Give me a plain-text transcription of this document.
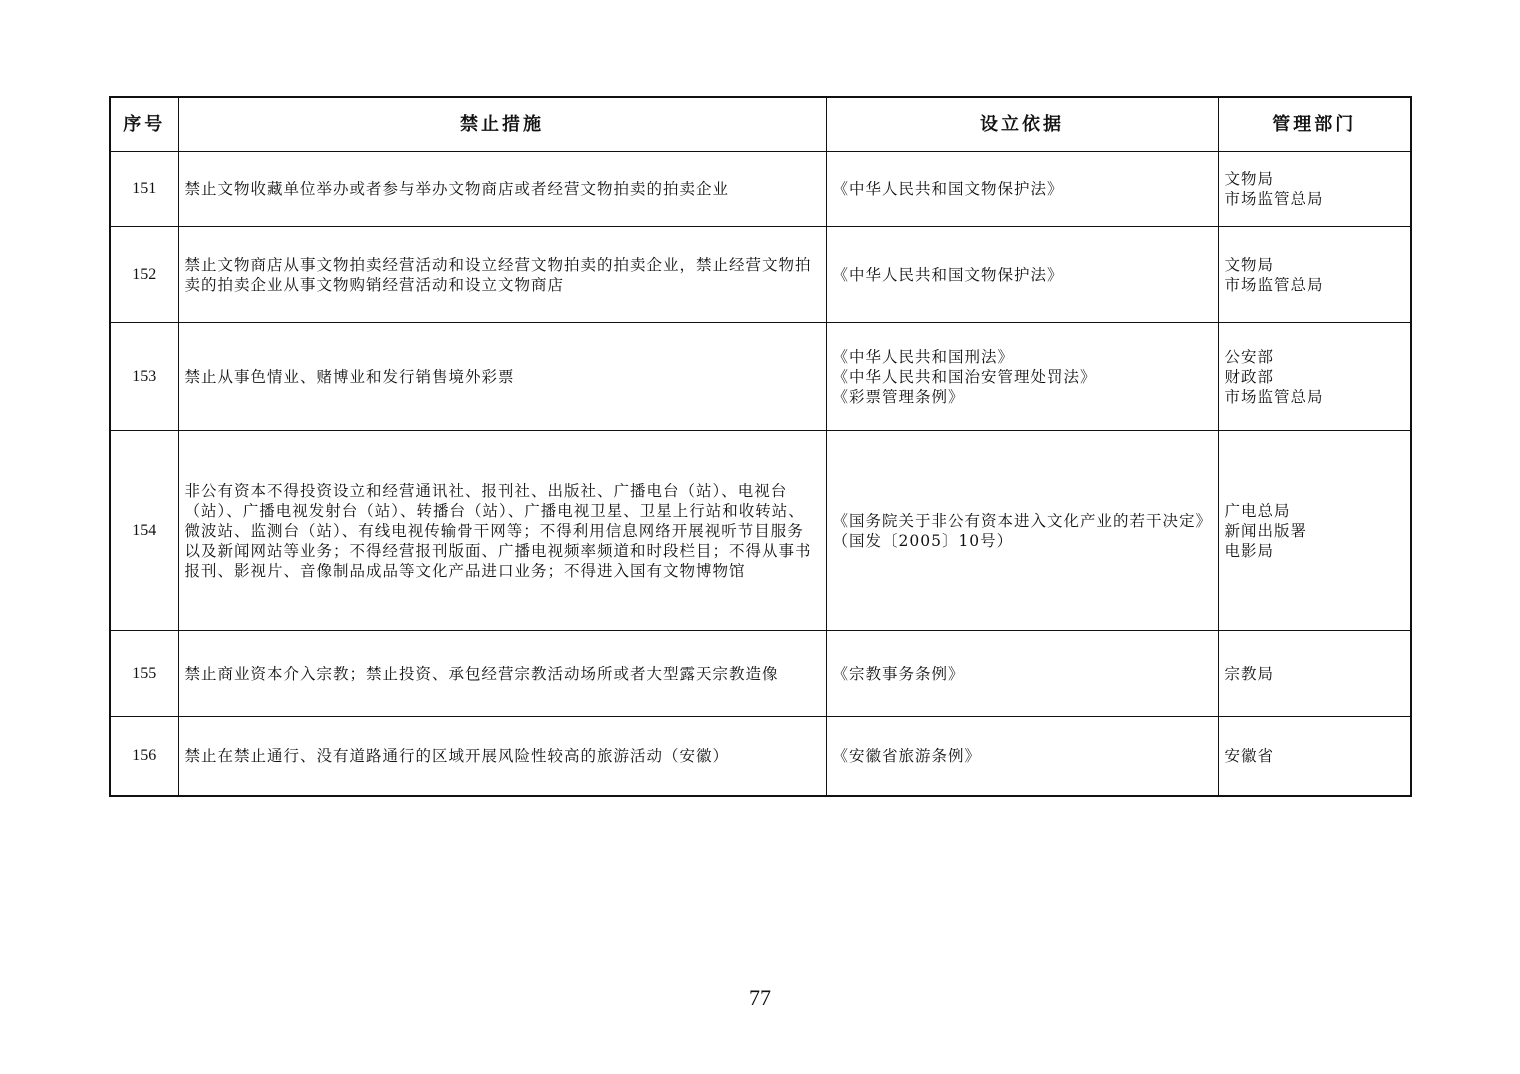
序号	禁止措施	设立依据	管理部门
151	禁止文物收藏单位举办或者参与举办文物商店或者经营文物拍卖的拍卖企业	《中华人民共和国文物保护法》	文物局
市场监管总局
152	禁止文物商店从事文物拍卖经营活动和设立经营文物拍卖的拍卖企业，禁止经营文物拍卖的拍卖企业从事文物购销经营活动和设立文物商店	《中华人民共和国文物保护法》	文物局
市场监管总局
153	禁止从事色情业、赌博业和发行销售境外彩票	《中华人民共和国刑法》
《中华人民共和国治安管理处罚法》
《彩票管理条例》	公安部
财政部
市场监管总局
154	非公有资本不得投资设立和经营通讯社、报刊社、出版社、广播电台（站）、电视台（站）、广播电视发射台（站）、转播台（站）、广播电视卫星、卫星上行站和收转站、微波站、监测台（站）、有线电视传输骨干网等；不得利用信息网络开展视听节目服务以及新闻网站等业务；不得经营报刊版面、广播电视频率频道和时段栏目；不得从事书报刊、影视片、音像制品成品等文化产品进口业务；不得进入国有文物博物馆	《国务院关于非公有资本进入文化产业的若干决定》（国发〔2005〕10号）	广电总局
新闻出版署
电影局
155	禁止商业资本介入宗教；禁止投资、承包经营宗教活动场所或者大型露天宗教造像	《宗教事务条例》	宗教局
156	禁止在禁止通行、没有道路通行的区域开展风险性较高的旅游活动（安徽）	《安徽省旅游条例》	安徽省
77
